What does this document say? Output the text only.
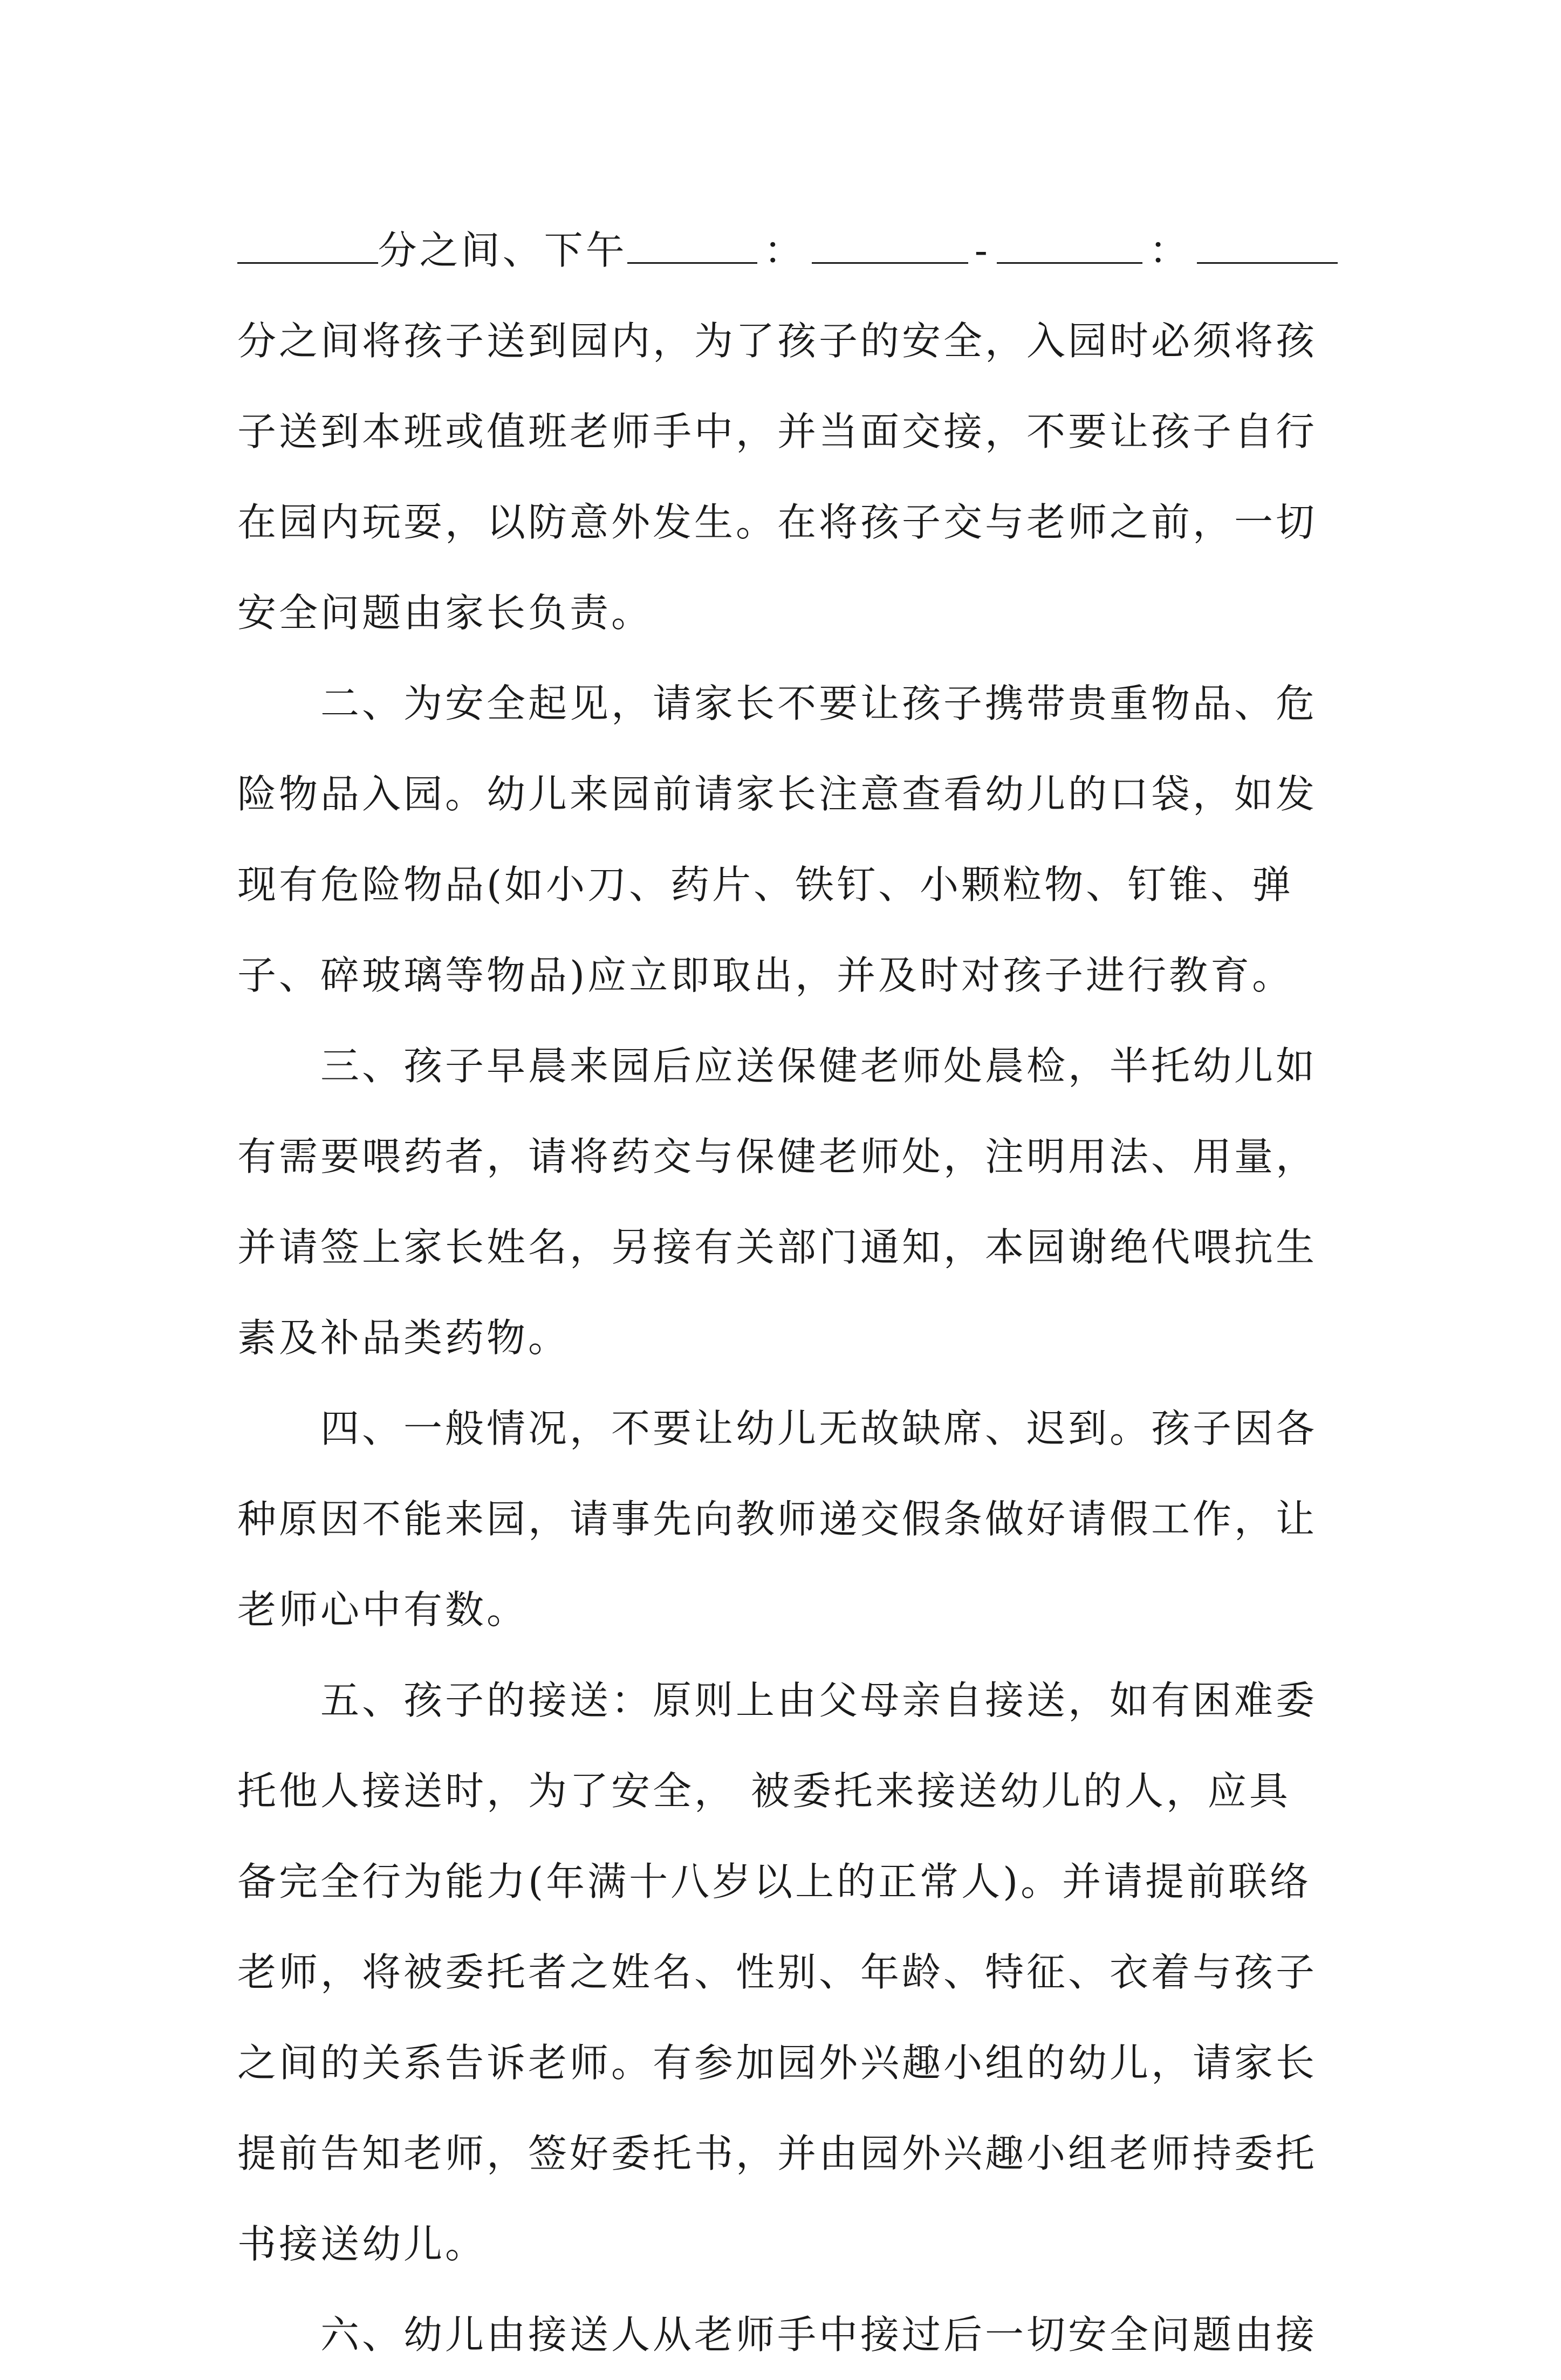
分之间、下午	：	-	：
分之间将孩子送到园内，为了孩子的安全，入园时必须将孩
子送到本班或值班老师手中，并当面交接，不要让孩子自行
在园内玩耍，以防意外发生。在将孩子交与老师之前，一切
安全问题由家长负责。
　　二、为安全起见，请家长不要让孩子携带贵重物品、危
险物品入园。幼儿来园前请家长注意查看幼儿的口袋，如发
现有危险物品(如小刀、药片、铁钉、小颗粒物、钉锥、弹
子、碎玻璃等物品)应立即取出，并及时对孩子进行教育。
　　三、孩子早晨来园后应送保健老师处晨检，半托幼儿如
有需要喂药者，请将药交与保健老师处，注明用法、用量，
并请签上家长姓名，另接有关部门通知，本园谢绝代喂抗生
素及补品类药物。
　　四、一般情况，不要让幼儿无故缺席、迟到。孩子因各
种原因不能来园，请事先向教师递交假条做好请假工作，让
老师心中有数。
　　五、孩子的接送：原则上由父母亲自接送，如有困难委
托他人接送时，为了安全， 被委托来接送幼儿的人，应具
备完全行为能力(年满十八岁以上的正常人)。并请提前联络
老师，将被委托者之姓名、性别、年龄、特征、衣着与孩子
之间的关系告诉老师。有参加园外兴趣小组的幼儿，请家长
提前告知老师，签好委托书，并由园外兴趣小组老师持委托
书接送幼儿。
　　六、幼儿由接送人从老师手中接过后一切安全问题由接
